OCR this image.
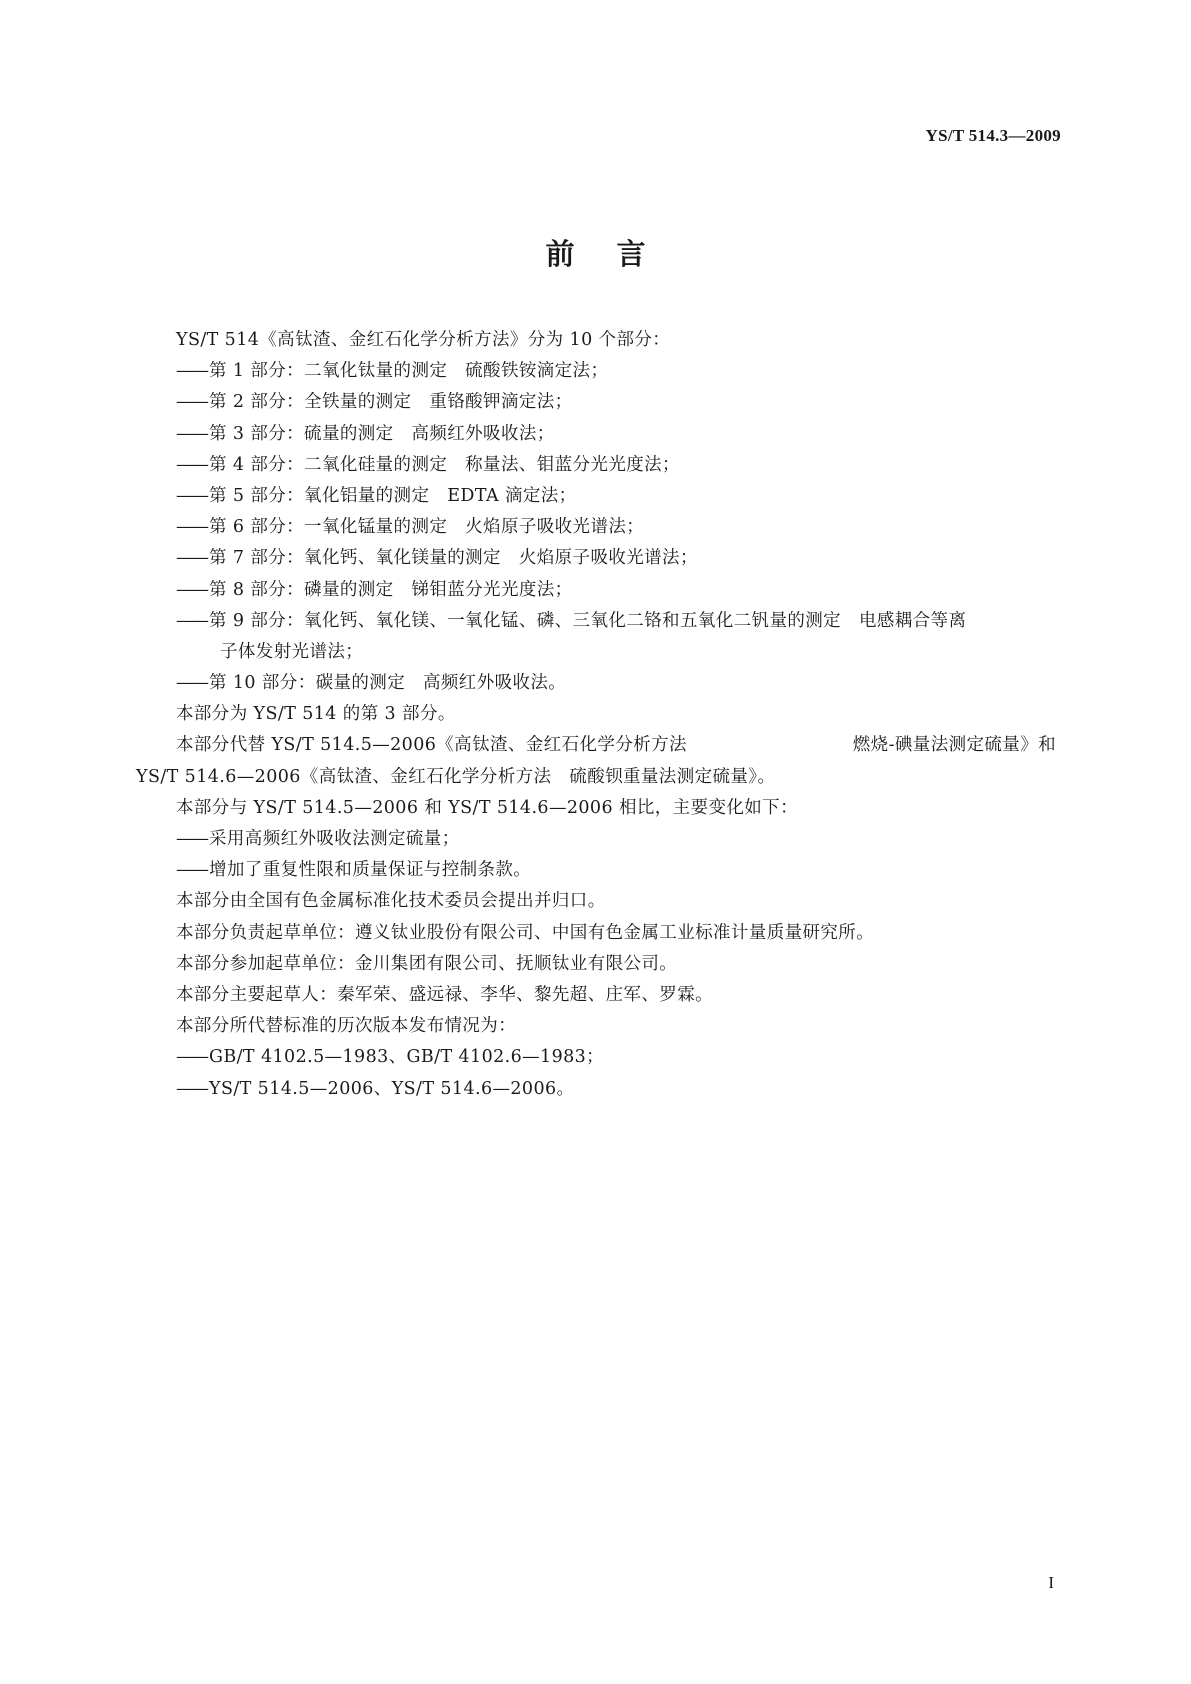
YS/T 514.3—2009
前言
YS/T 514《高钛渣、金红石化学分析方法》分为 10 个部分：
—— 第 1 部分：二氧化钛量的测定　硫酸铁铵滴定法；
—— 第 2 部分：全铁量的测定　重铬酸钾滴定法；
—— 第 3 部分：硫量的测定　高频红外吸收法；
—— 第 4 部分：二氧化硅量的测定　称量法、钼蓝分光光度法；
—— 第 5 部分：氧化铝量的测定　EDTA 滴定法；
—— 第 6 部分：一氧化锰量的测定　火焰原子吸收光谱法；
—— 第 7 部分：氧化钙、氧化镁量的测定　火焰原子吸收光谱法；
—— 第 8 部分：磷量的测定　锑钼蓝分光光度法；
—— 第 9 部分：氧化钙、氧化镁、一氧化锰、磷、三氧化二铬和五氧化二钒量的测定　电感耦合等离
子体发射光谱法；
—— 第 10 部分：碳量的测定　高频红外吸收法。
本部分为 YS/T 514 的第 3 部分。
本部分代替 YS/T 514.5—2006《高钛渣、金红石化学分析方法	燃烧-碘量法测定硫量》和
YS/T 514.6—2006《高钛渣、金红石化学分析方法　硫酸钡重量法测定硫量》。
本部分与 YS/T 514.5—2006 和 YS/T 514.6—2006 相比，主要变化如下：
—— 采用高频红外吸收法测定硫量；
—— 增加了重复性限和质量保证与控制条款。
本部分由全国有色金属标准化技术委员会提出并归口。
本部分负责起草单位：遵义钛业股份有限公司、中国有色金属工业标准计量质量研究所。
本部分参加起草单位：金川集团有限公司、抚顺钛业有限公司。
本部分主要起草人：秦军荣、盛远禄、李华、黎先超、庄军、罗霖。
本部分所代替标准的历次版本发布情况为：
—— GB/T 4102.5—1983、GB/T 4102.6—1983；
—— YS/T 514.5—2006、YS/T 514.6—2006。
I
